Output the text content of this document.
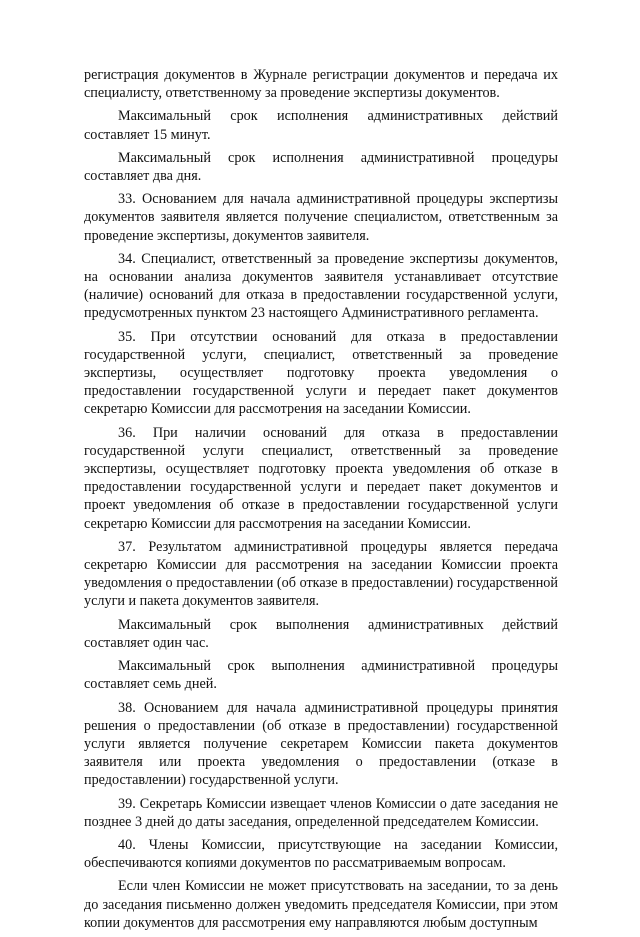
регистрация документов в Журнале регистрации документов и передача их специалисту, ответственному за проведение экспертизы документов.

Максимальный срок исполнения административных действий составляет 15 минут.

Максимальный срок исполнения административной процедуры составляет два дня.

33. Основанием для начала административной процедуры экспертизы документов заявителя является получение специалистом, ответственным за проведение экспертизы, документов заявителя.

34. Специалист, ответственный за проведение экспертизы документов, на основании анализа документов заявителя устанавливает отсутствие (наличие) оснований для отказа в предоставлении государственной услуги, предусмотренных пунктом 23 настоящего Административного регламента.

35. При отсутствии оснований для отказа в предоставлении государственной услуги, специалист, ответственный за проведение экспертизы, осуществляет подготовку проекта уведомления о предоставлении государственной услуги и передает пакет документов секретарю Комиссии для рассмотрения на заседании Комиссии.

36. При наличии оснований для отказа в предоставлении государственной услуги специалист, ответственный за проведение экспертизы, осуществляет подготовку проекта уведомления об отказе в предоставлении государственной услуги и передает пакет документов и проект уведомления об отказе в предоставлении государственной услуги секретарю Комиссии для рассмотрения на заседании Комиссии.

37. Результатом административной процедуры является передача секретарю Комиссии для рассмотрения на заседании Комиссии проекта уведомления о предоставлении (об отказе в предоставлении) государственной услуги и пакета документов заявителя.

Максимальный срок выполнения административных действий составляет один час.

Максимальный срок выполнения административной процедуры составляет семь дней.

38. Основанием для начала административной процедуры принятия решения о предоставлении (об отказе в предоставлении) государственной услуги является получение секретарем Комиссии пакета документов заявителя или проекта уведомления о предоставлении (отказе в предоставлении) государственной услуги.

39. Секретарь Комиссии извещает членов Комиссии о дате заседания не позднее 3 дней до даты заседания, определенной председателем Комиссии.

40. Члены Комиссии, присутствующие на заседании Комиссии, обеспечиваются копиями документов по рассматриваемым вопросам.

Если член Комиссии не может присутствовать на заседании, то за день до заседания письменно должен уведомить председателя Комиссии, при этом копии документов для рассмотрения ему направляются любым доступным
